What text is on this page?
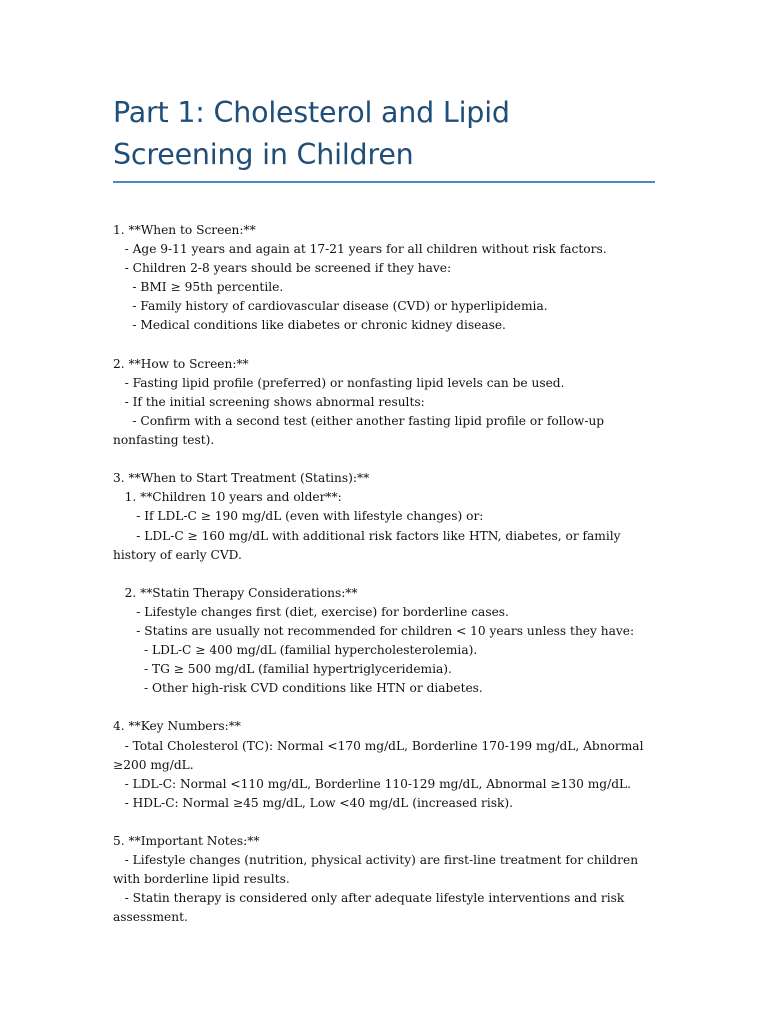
Part 1: Cholesterol and Lipid Screening in Children
1. **When to Screen:**
- Age 9-11 years and again at 17-21 years for all children without risk factors.
- Children 2-8 years should be screened if they have:
- BMI ≥ 95th percentile.
- Family history of cardiovascular disease (CVD) or hyperlipidemia.
- Medical conditions like diabetes or chronic kidney disease.
2. **How to Screen:**
- Fasting lipid profile (preferred) or nonfasting lipid levels can be used.
- If the initial screening shows abnormal results:
- Confirm with a second test (either another fasting lipid profile or follow-up nonfasting test).
3. **When to Start Treatment (Statins):**
1. **Children 10 years and older**:
- If LDL-C ≥ 190 mg/dL (even with lifestyle changes) or:
- LDL-C ≥ 160 mg/dL with additional risk factors like HTN, diabetes, or family history of early CVD.
2. **Statin Therapy Considerations:**
- Lifestyle changes first (diet, exercise) for borderline cases.
- Statins are usually not recommended for children < 10 years unless they have:
- LDL-C ≥ 400 mg/dL (familial hypercholesterolemia).
- TG ≥ 500 mg/dL (familial hypertriglyceridemia).
- Other high-risk CVD conditions like HTN or diabetes.
4. **Key Numbers:**
- Total Cholesterol (TC): Normal <170 mg/dL, Borderline 170-199 mg/dL, Abnormal ≥200 mg/dL.
- LDL-C: Normal <110 mg/dL, Borderline 110-129 mg/dL, Abnormal ≥130 mg/dL.
- HDL-C: Normal ≥45 mg/dL, Low <40 mg/dL (increased risk).
5. **Important Notes:**
- Lifestyle changes (nutrition, physical activity) are first-line treatment for children with borderline lipid results.
- Statin therapy is considered only after adequate lifestyle interventions and risk assessment.
